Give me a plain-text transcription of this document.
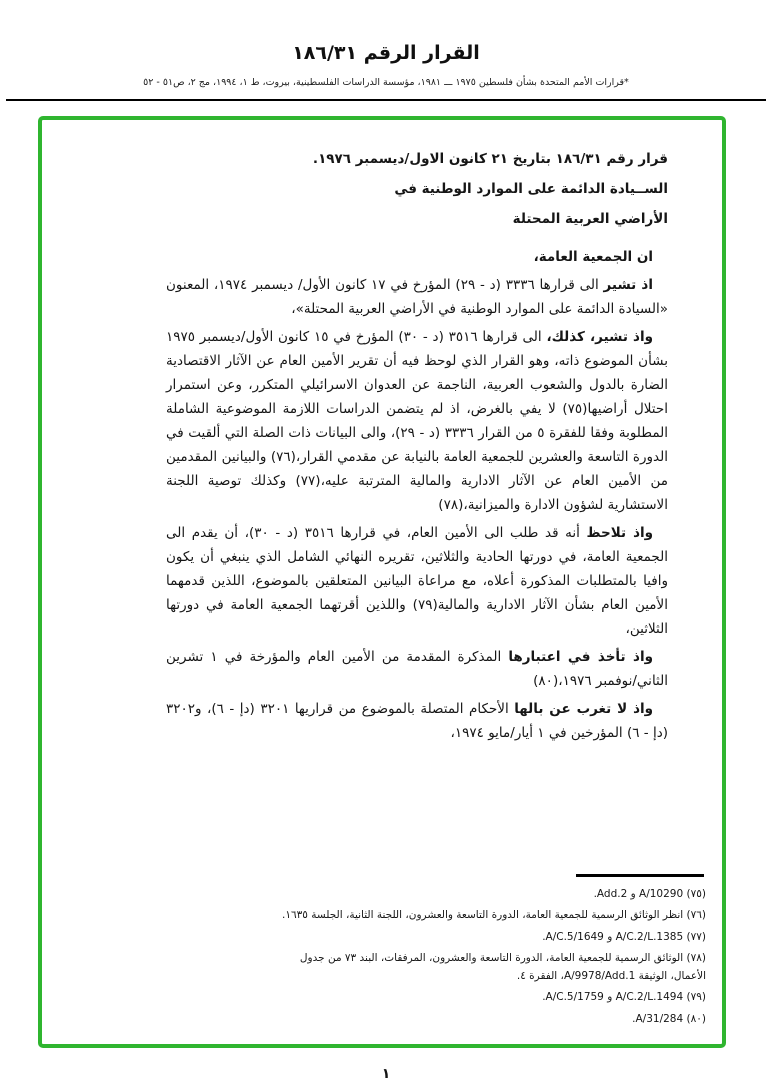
القرار الرقم ١٨٦/٣١
*قرارات الأمم المتحدة بشأن فلسطين ١٩٧٥ ـــ ١٩٨١، مؤسسة الدراسات الفلسطينية، بيروت، ط ١، ١٩٩٤، مج ٢، ص٥١ - ٥٢
قرار رقم ١٨٦/٣١ بتاريخ ٢١ كانون الاول/ديسمبر ١٩٧٦.
الســيادة الدائمة على الموارد الوطنية في
الأراضي العربية المحتلة

ان الجمعية العامة،

اذ تشير الى قرارها ٣٣٣٦ (د - ٢٩) المؤرخ في ١٧ كانون الأول/ ديسمبر ١٩٧٤، المعنون «السيادة الدائمة على الموارد الوطنية في الأراضي العربية المحتلة»،

واذ تشير، كذلك، الى قرارها ٣٥١٦ (د - ٣٠) المؤرخ في ١٥ كانون الأول/ديسمبر ١٩٧٥ بشأن الموضوع ذاته، وهو القرار الذي لوحظ فيه أن تقرير الأمين العام عن الآثار الاقتصادية الضارة بالدول والشعوب العربية، الناجمة عن العدوان الاسرائيلي المتكرر، وعن استمرار احتلال أراضيها(٧٥) لا يفي بالغرض، اذ لم يتضمن الدراسات اللازمة الموضوعية الشاملة المطلوبة وفقا للفقرة ٥ من القرار ٣٣٣٦ (د - ٢٩)، والى البيانات ذات الصلة التي ألقيت في الدورة التاسعة والعشرين للجمعية العامة بالنيابة عن مقدمي القرار،(٧٦) والبيانين المقدمين من الأمين العام عن الآثار الادارية والمالية المترتبة عليه،(٧٧) وكذلك توصية اللجنة الاستشارية لشؤون الادارة والميزانية،(٧٨)

واذ تلاحظ أنه قد طلب الى الأمين العام، في قرارها ٣٥١٦ (د - ٣٠)، أن يقدم الى الجمعية العامة، في دورتها الحادية والثلاثين، تقريره النهائي الشامل الذي ينبغي أن يكون وافيا بالمتطلبات المذكورة أعلاه، مع مراعاة البيانين المتعلقين بالموضوع، اللذين قدمهما الأمين العام بشأن الآثار الادارية والمالية(٧٩) واللذين أقرتهما الجمعية العامة في دورتها الثلاثين،

واذ تأخذ في اعتبارها المذكرة المقدمة من الأمين العام والمؤرخة في ١ تشرين الثاني/نوفمبر ١٩٧٦،(٨٠)

واذ لا تغرب عن بالها الأحكام المتصلة بالموضوع من قراريها ٣٢٠١ (دإ - ٦)، و٣٢٠٢ (دإ - ٦) المؤرخين في ١ أيار/مايو ١٩٧٤،

(٧٥) A/10290 و Add.2.
(٧٦) انظر الوثائق الرسمية للجمعية العامة، الدورة التاسعة والعشرون، اللجنة الثانية، الجلسة ١٦٣٥.
(٧٧) A/C.2/L.1385 و A/C.5/1649.
(٧٨) الوثائق الرسمية للجمعية العامة، الدورة التاسعة والعشرون، المرفقات، البند ٧٣ من جدول الأعمال، الوثيقة A/9978/Add.1، الفقرة ٤.
(٧٩) A/C.2/L.1494 و A/C.5/1759.
(٨٠) A/31/284.
١
